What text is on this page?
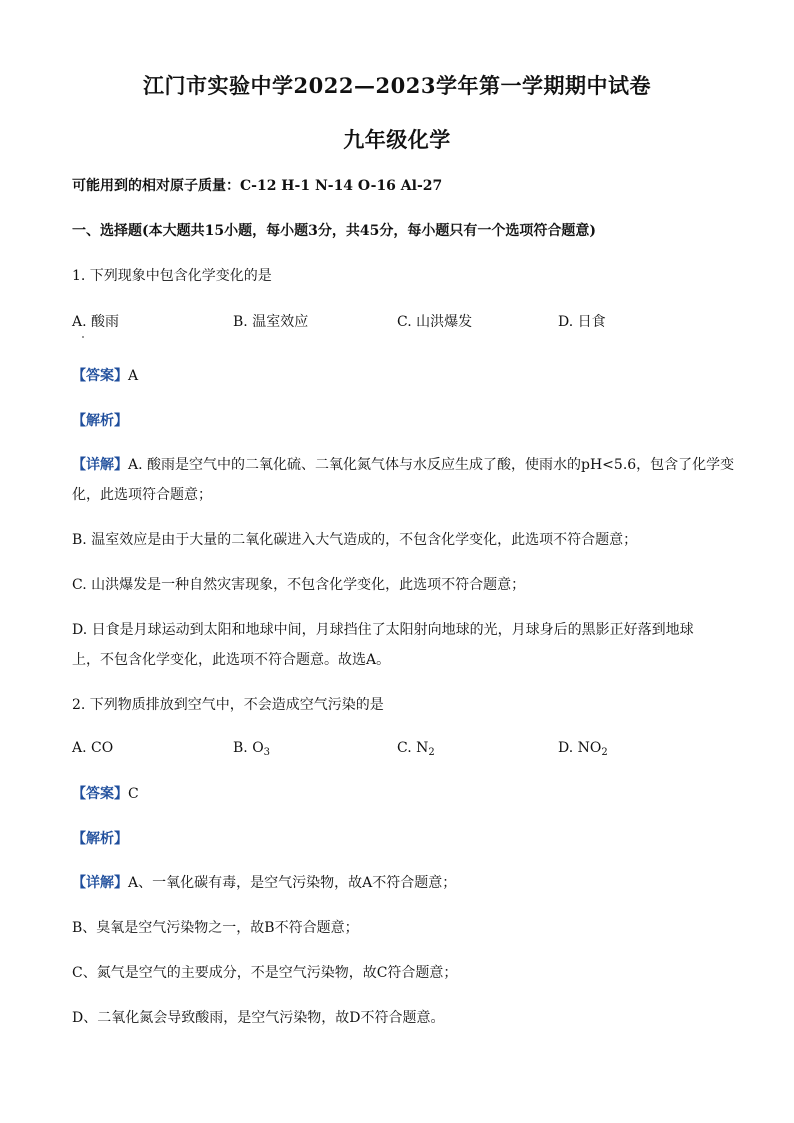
江门市实验中学2022—2023学年第一学期期中试卷
九年级化学
可能用到的相对原子质量：C-12 H-1 N-14 O-16 Al-27
一、选择题(本大题共15小题，每小题3分，共45分，每小题只有一个选项符合题意)
1. 下列现象中包含化学变化的是
A. 酸雨	B. 温室效应	C. 山洪爆发	D. 日食
【答案】A
【解析】
【详解】A. 酸雨是空气中的二氧化硫、二氧化氮气体与水反应生成了酸，使雨水的pH<5.6，包含了化学变
化，此选项符合题意；
B. 温室效应是由于大量的二氧化碳进入大气造成的，不包含化学变化，此选项不符合题意；
C. 山洪爆发是一种自然灾害现象，不包含化学变化，此选项不符合题意；
D. 日食是月球运动到太阳和地球中间，月球挡住了太阳射向地球的光，月球身后的黑影正好落到地球
上，不包含化学变化，此选项不符合题意。故选A。
2. 下列物质排放到空气中，不会造成空气污染的是
A. CO	B. $O_3$	C. $N_2$	D. $NO_2$
【答案】C
【解析】
【详解】A、一氧化碳有毒，是空气污染物，故A不符合题意；
B、臭氧是空气污染物之一，故B不符合题意；
C、氮气是空气的主要成分，不是空气污染物，故C符合题意；
D、二氧化氮会导致酸雨，是空气污染物，故D不符合题意。
